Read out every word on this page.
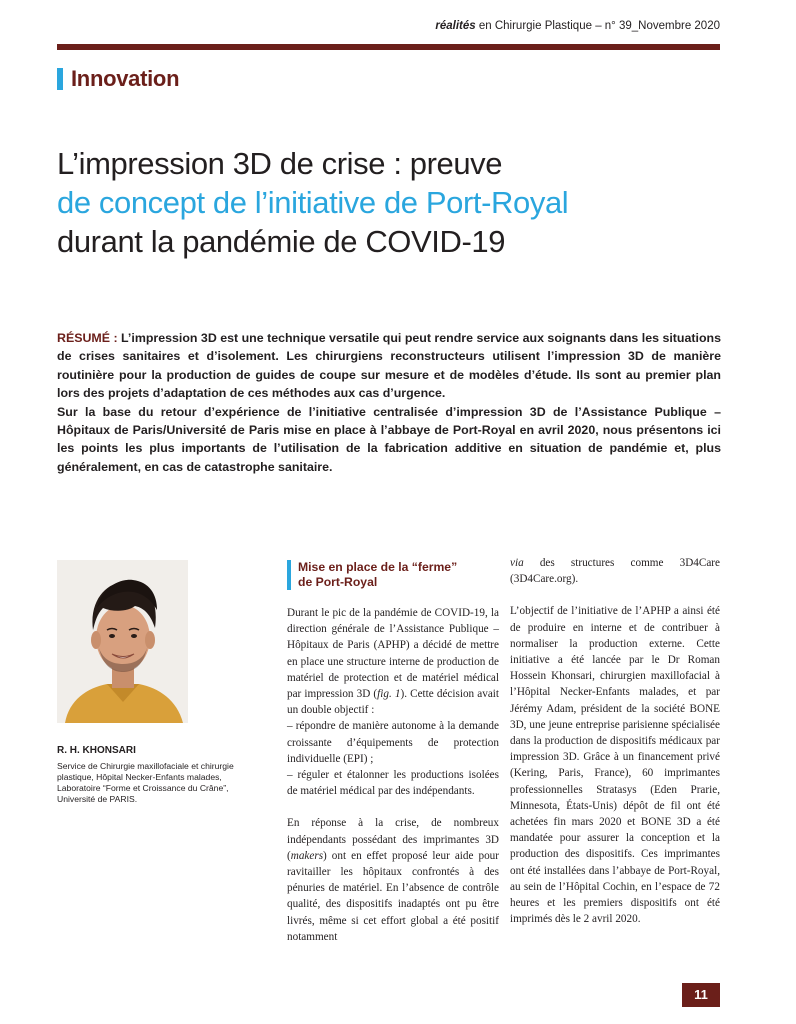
réalités en Chirurgie Plastique – n° 39_Novembre 2020
Innovation
L’impression 3D de crise : preuve
de concept de l’initiative de Port-Royal
durant la pandémie de COVID-19

RÉSUMÉ : L’impression 3D est une technique versatile qui peut rendre service aux soignants dans les situations de crises sanitaires et d’isolement. Les chirurgiens reconstructeurs utilisent l’impression 3D de manière routinière pour la production de guides de coupe sur mesure et de modèles d’étude. Ils sont au premier plan lors des projets d’adaptation de ces méthodes aux cas d’urgence.

Sur la base du retour d’expérience de l’initiative centralisée d’impression 3D de l’Assistance Publique – Hôpitaux de Paris/Université de Paris mise en place à l’abbaye de Port-Royal en avril 2020, nous présentons ici les points les plus importants de l’utilisation de la fabrication additive en situation de pandémie et, plus généralement, en cas de catastrophe sanitaire.

R. H. KHONSARI
Service de Chirurgie maxillofaciale et chirurgie plastique, Hôpital Necker-Enfants malades, Laboratoire “Forme et Croissance du Crâne”, Université de PARIS.
Mise en place de la “ferme”
de Port-Royal

Durant le pic de la pandémie de COVID-19, la direction générale de l’Assistance Publique – Hôpitaux de Paris (APHP) a décidé de mettre en place une structure interne de production de matériel de protection et de matériel médical par impression 3D (fig. 1). Cette décision avait un double objectif :
– répondre de manière autonome à la demande croissante d’équipements de protection individuelle (EPI) ;
– réguler et étalonner les productions isolées de matériel médical par des indépendants.

En réponse à la crise, de nombreux indépendants possédant des imprimantes 3D (makers) ont en effet proposé leur aide pour ravitailler les hôpitaux confrontés à des pénuries de matériel. En l’absence de contrôle qualité, des dispositifs inadaptés ont pu être livrés, même si cet effort global a été positif notamment

via des structures comme 3D4Care (3D4Care.org).

L’objectif de l’initiative de l’APHP a ainsi été de produire en interne et de contribuer à normaliser la production externe. Cette initiative a été lancée par le Dr Roman Hossein Khonsari, chirurgien maxillofacial à l’Hôpital Necker-Enfants malades, et par Jérémy Adam, président de la société BONE 3D, une jeune entreprise parisienne spécialisée dans la production de dispositifs médicaux par impression 3D. Grâce à un financement privé (Kering, Paris, France), 60 imprimantes professionnelles Stratasys (Eden Prarie, Minnesota, États-Unis) dépôt de fil ont été achetées fin mars 2020 et BONE 3D a été mandatée pour assurer la conception et la production des dispositifs. Ces imprimantes ont été installées dans l’abbaye de Port-Royal, au sein de l’Hôpital Cochin, en l’espace de 72 heures et les premiers dispositifs ont été imprimés dès le 2 avril 2020.

11
